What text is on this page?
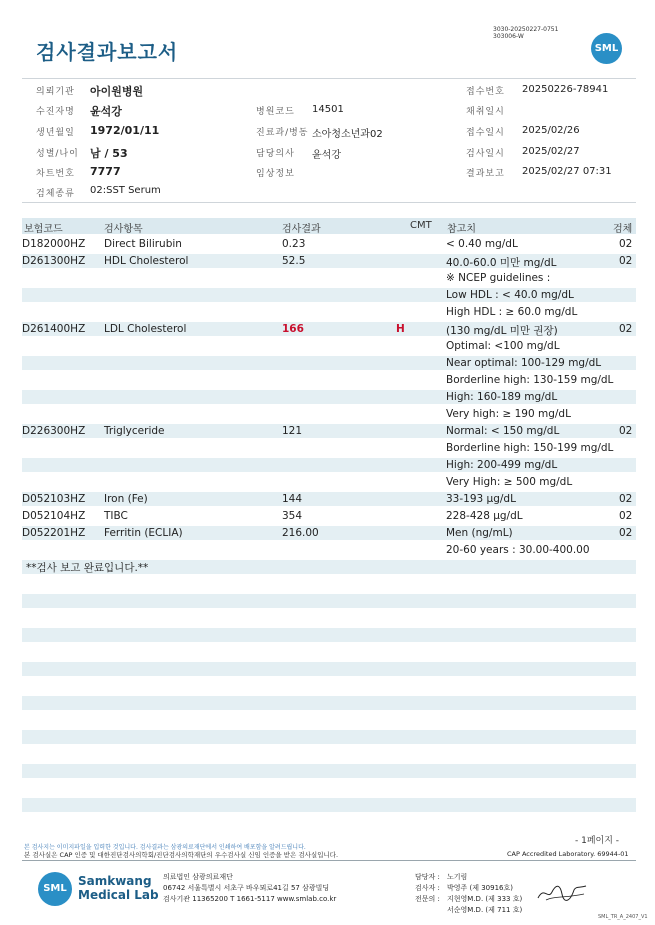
검사결과보고서
3030-20250227-0751
303006-W
SML
의뢰기관 아이원병원
수진자명 윤석강
생년월일 1972/01/11
성별/나이 남 / 53
차트번호 7777
검체종류 02:SST Serum
병원코드 14501
진료과/병동 소아청소년과02
담당의사 윤석강
임상정보
접수번호 20250226-78941
채취일시
접수일시 2025/02/26
검사일시 2025/02/27
결과보고 2025/02/27 07:31
보험코드	검사항목	검사결과	CMT 참고치	검체
D182000HZ Direct Bilirubin	0.23	< 0.40 mg/dL	02
D261300HZ HDL Cholesterol	52.5	40.0-60.0 미만 mg/dL	02
※ NCEP guidelines :
Low HDL : < 40.0 mg/dL
High HDL : ≥ 60.0 mg/dL
D261400HZ LDL Cholesterol	166	H	(130 mg/dL 미만 권장)	02
Optimal: <100 mg/dL
Near optimal: 100-129 mg/dL
Borderline high: 130-159 mg/dL
High: 160-189 mg/dL
Very high: ≥ 190 mg/dL
D226300HZ Triglyceride	121	Normal: < 150 mg/dL	02
Borderline high: 150-199 mg/dL
High: 200-499 mg/dL
Very High: ≥ 500 mg/dL
D052103HZ Iron (Fe)	144	33-193 μg/dL	02
D052104HZ TIBC	354	228-428 μg/dL	02
D052201HZ Ferritin (ECLIA)	216.00	Men (ng/mL)	02
20-60 years : 30.00-400.00
**검사 보고 완료입니다.**
- 1페이지 -
본 검사지는 이미지파일을 입력한 것입니다. 검사결과는 삼광의료재단에서 인쇄하여 배포함을 알려드립니다.
본 검사실은 CAP 인증 및 대한진단검사의학회/진단검사의학재단의 우수검사실 신임 인증을 받은 검사실입니다.	CAP Accredited Laboratory. 69944-01
SML
Samkwang
Medical Lab
의료법인 삼광의료재단
06742 서울특별시 서초구 바우뫼로41길 57 삼광빌딩
검사기관 11365200 T 1661-5117 www.smlab.co.kr
담당자 : 노기림
검사자 : 박영주 (제 30916호)
전문의 : 지현영M.D. (제 333 호)
서순영M.D. (제 711 호)
SML_TR_A_2407_V1
